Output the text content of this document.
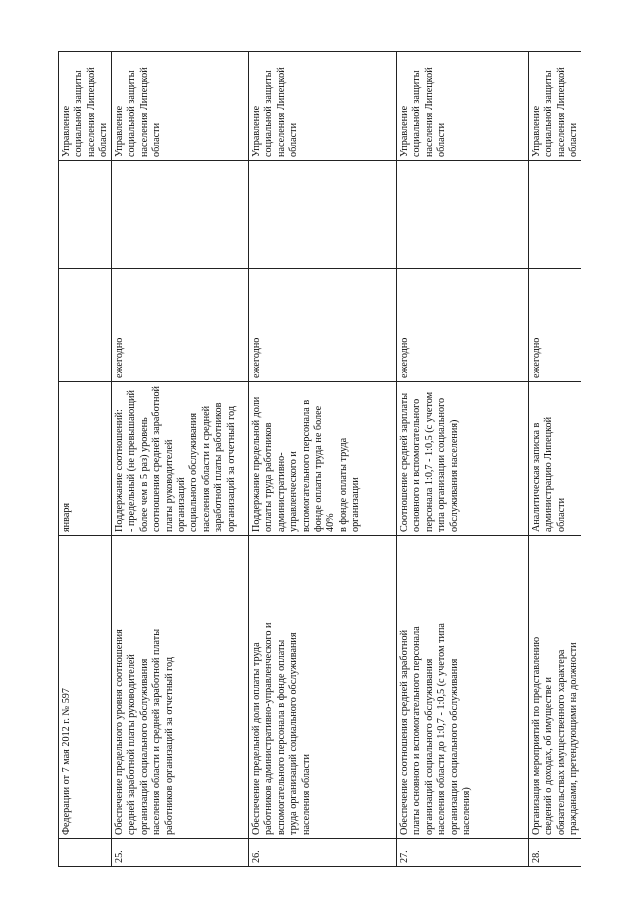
Федерации от 7 мая 2012 г. № 597
января
Управление
социальной защиты
населения Липецкой
области
25.
Обеспечение предельного уровня соотношения
средней заработной платы руководителей
организаций социального обслуживания
населения области и средней заработной платы
работников организаций за отчетный год
Поддержание соотношений:
- предельный (не превышающий
более чем в 5 раз) уровень
соотношения средней заработной
платы руководителей организаций
социального обслуживания
населения области и средней
заработной платы работников
организаций за отчетный год
ежегодно
Управление
социальной защиты
населения Липецкой
области
26.
Обеспечение предельной доли оплаты труда
работников административно-управленческого и
вспомогательного персонала в фонде оплаты
труда организаций социального обслуживания
населения области
Поддержание предельной доли
оплаты труда работников
административно-
управленческого и
вспомогательного персонала в
фонде оплаты труда не более 40%
в фонде оплаты труда
организации
ежегодно
Управление
социальной защиты
населения Липецкой
области
27.
Обеспечение соотношения средней заработной
платы основного и вспомогательного персонала
организаций социального обслуживания
населения области до 1:0,7 - 1:0,5 (с учетом типа
организации социального обслуживания
населения)
Соотношение средней зарплаты
основного и вспомогательного
персонала 1:0,7 - 1:0,5 (с учетом
типа организации социального
обслуживания населения)
ежегодно
Управление
социальной защиты
населения Липецкой
области
28.
Организация мероприятий по представлению
сведений о доходах, об имуществе и
обязательствах имущественного характера
гражданами, претендующими на должности
Аналитическая записка в
администрацию Липецкой
области
ежегодно
Управление
социальной защиты
населения Липецкой
области
